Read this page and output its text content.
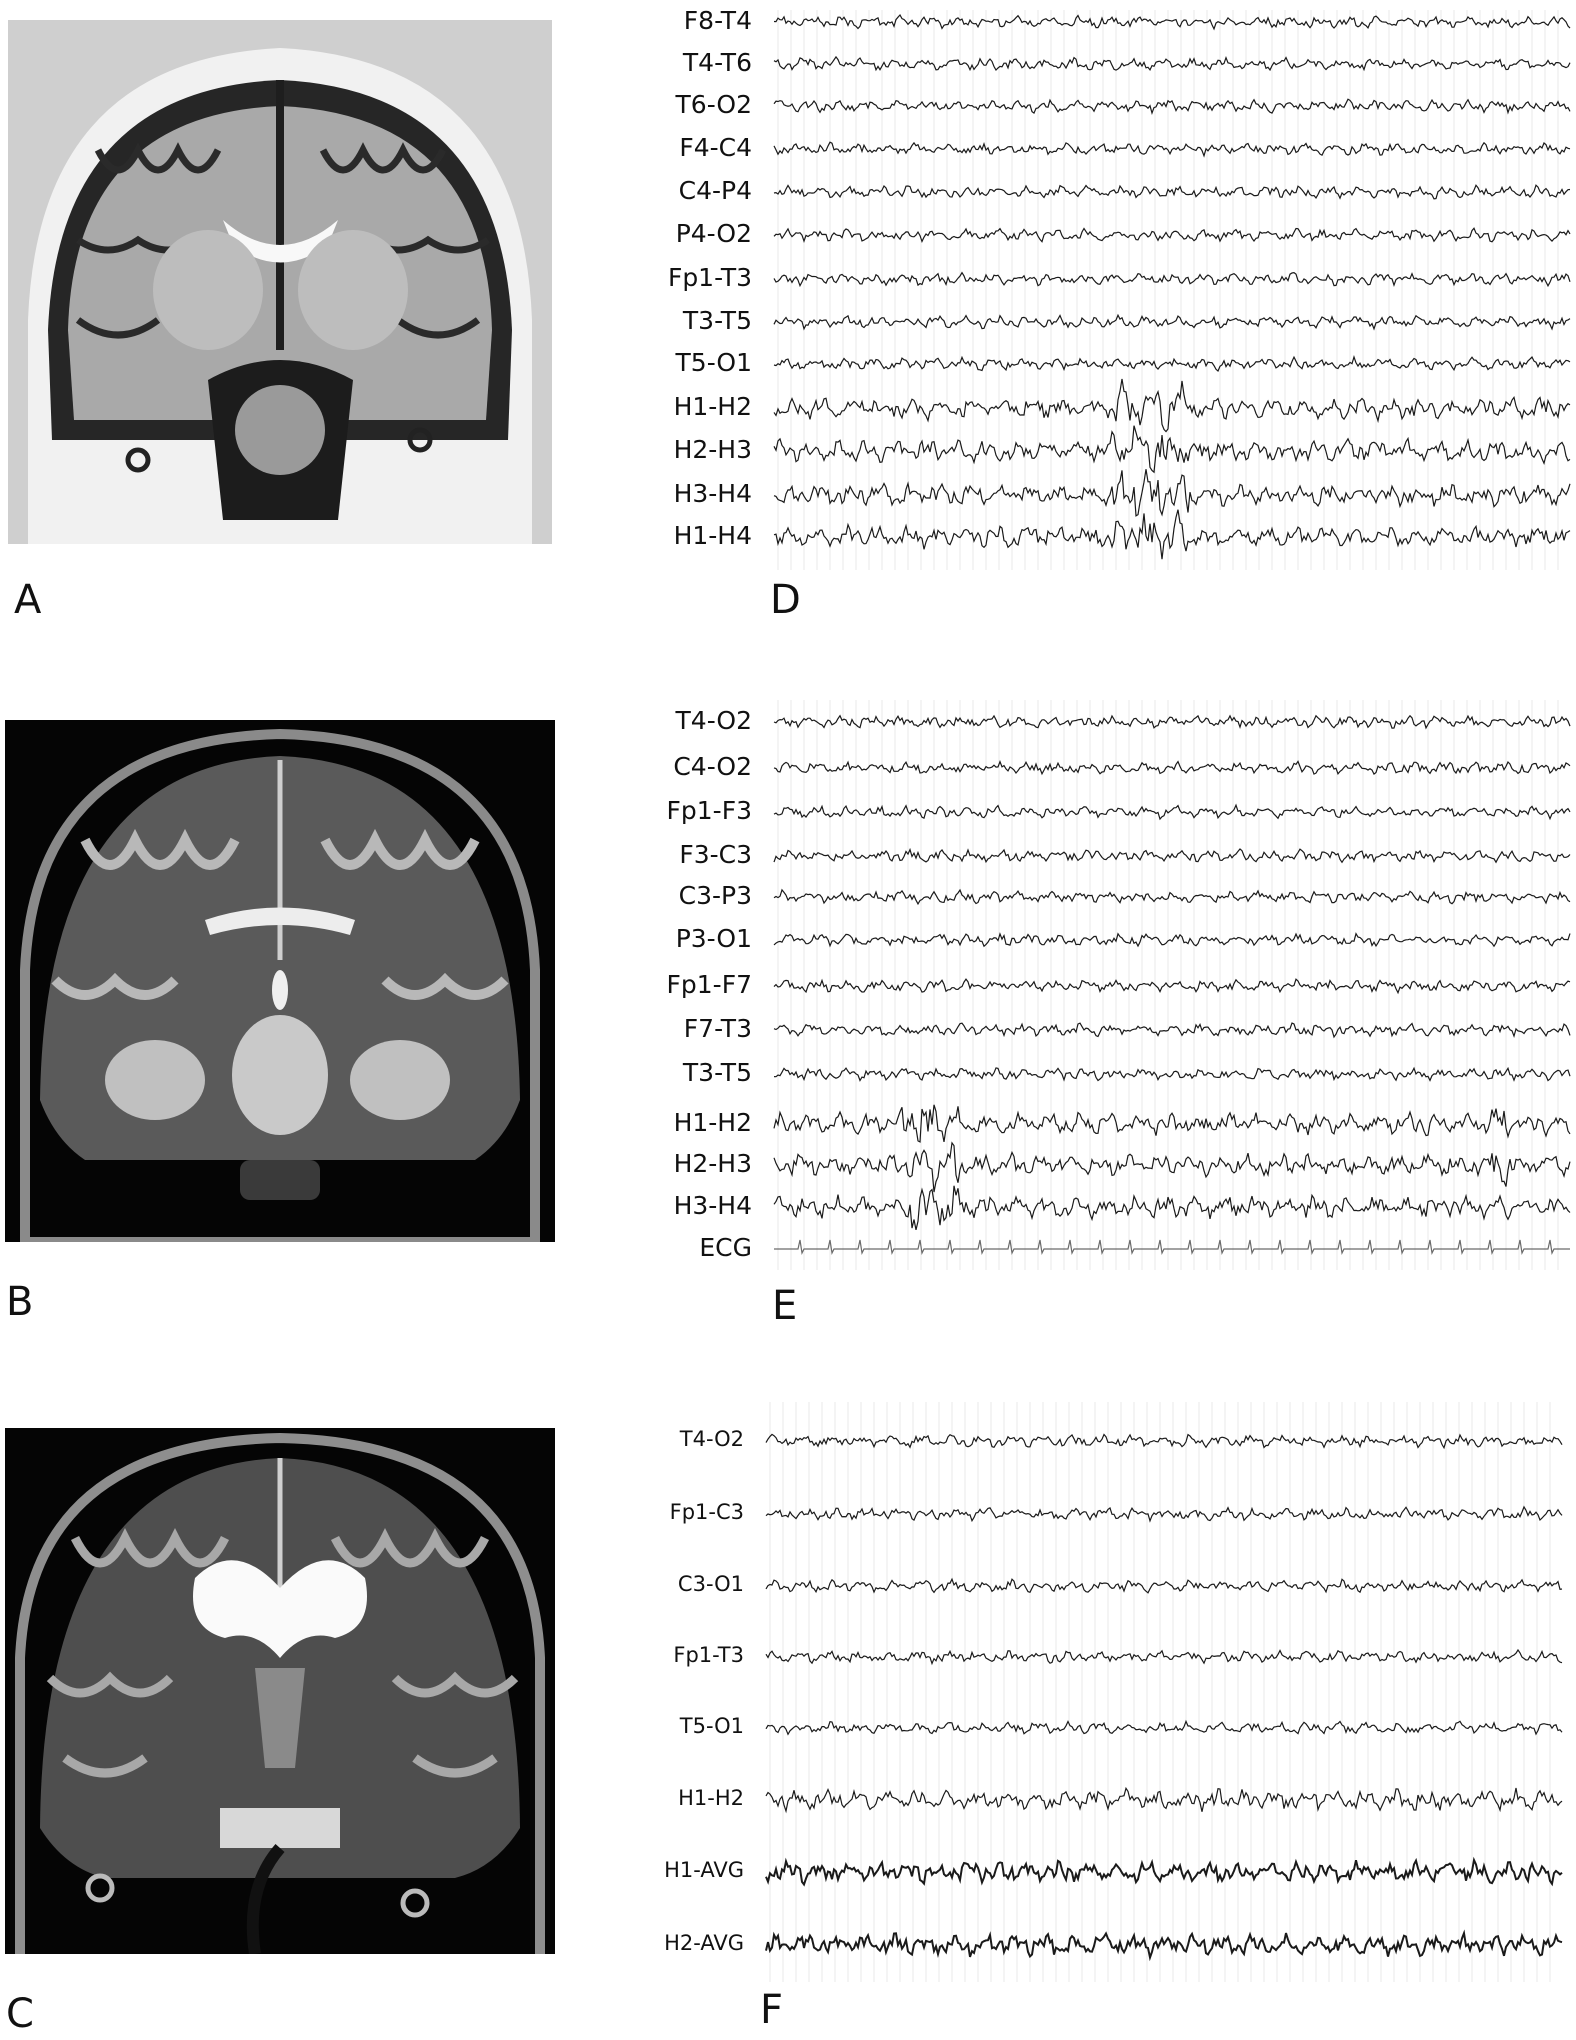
F8-T4
T4-T6
T6-O2
F4-C4
C4-P4
P4-O2
Fp1-T3
T3-T5
T5-O1
H1-H2
H2-H3
H3-H4
H1-H4
T4-O2
C4-O2
Fp1-F3
F3-C3
C3-P3
P3-O1
Fp1-F7
F7-T3
T3-T5
H1-H2
H2-H3
H3-H4
ECG
T4-O2
Fp1-C3
C3-O1
Fp1-T3
T5-O1
H1-H2
H1-AVG
H2-AVG
A	D
B	E
C	F
